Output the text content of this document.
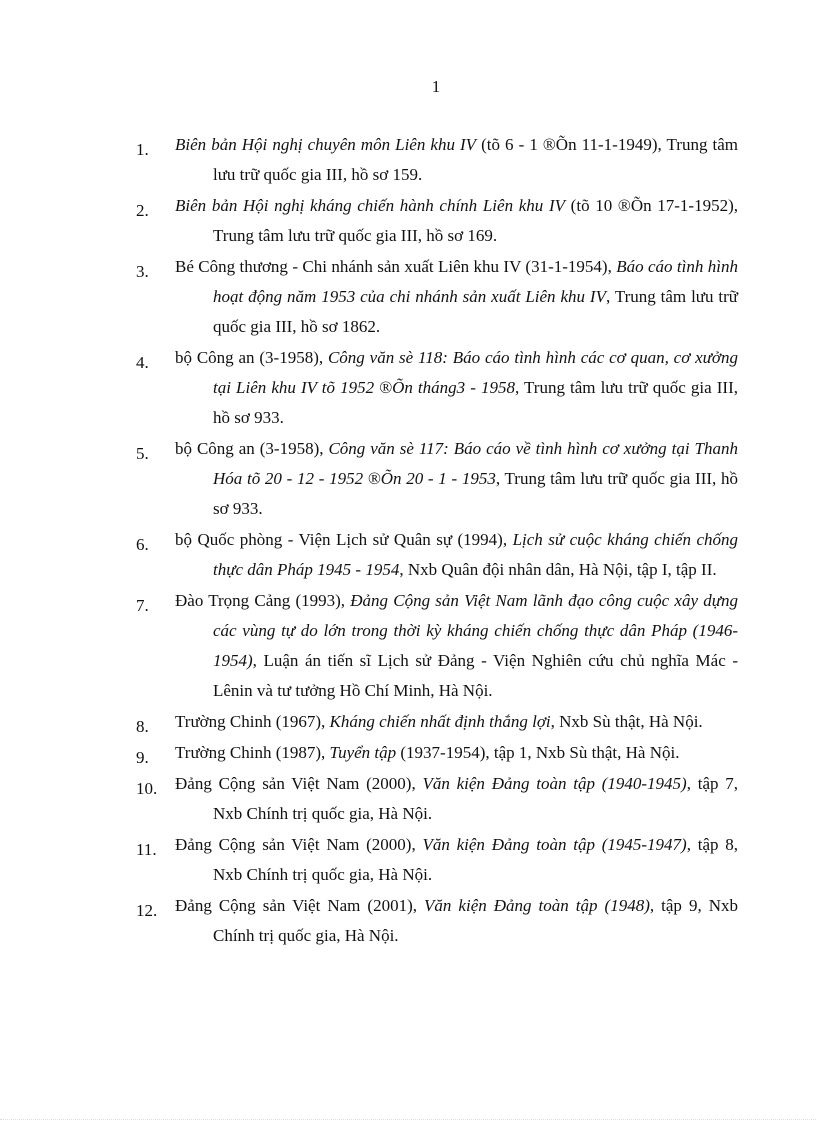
1
1. Biên bản Hội nghị chuyên môn Liên khu IV (tõ 6 - 1 ®Õn 11-1-1949), Trung tâm lưu trữ quốc gia III, hồ sơ 159.
2. Biên bản Hội nghị kháng chiến hành chính Liên khu IV (tõ 10 ®Õn 17-1-1952), Trung tâm lưu trữ quốc gia III, hồ sơ 169.
3. Bé Công thương - Chi nhánh sản xuất Liên khu IV (31-1-1954), Báo cáo tình hình hoạt động năm 1953 của chi nhánh sản xuất Liên khu IV, Trung tâm lưu trữ quốc gia III, hồ sơ 1862.
4. bộ Công an (3-1958), Công văn sè 118: Báo cáo tình hình các cơ quan, cơ xưởng tại Liên khu IV tõ 1952 ®Õn tháng3 - 1958, Trung tâm lưu trữ quốc gia III, hồ sơ 933.
5. bộ Công an (3-1958), Công văn sè 117: Báo cáo về tình hình cơ xưởng tại Thanh Hóa tõ 20 - 12 - 1952 ®Õn 20 - 1 - 1953, Trung tâm lưu trữ quốc gia III, hồ sơ 933.
6. bộ Quốc phòng - Viện Lịch sử Quân sự (1994), Lịch sử cuộc kháng chiến chống thực dân Pháp 1945 - 1954, Nxb Quân đội nhân dân, Hà Nội, tập I, tập II.
7. Đào Trọng Cảng (1993), Đảng Cộng sản Việt Nam lãnh đạo công cuộc xây dựng các vùng tự do lớn trong thời kỳ kháng chiến chống thực dân Pháp (1946-1954), Luận án tiến sĩ Lịch sử Đảng - Viện Nghiên cứu chủ nghĩa Mác - Lênin và tư tưởng Hồ Chí Minh, Hà Nội.
8. Trường Chinh (1967), Kháng chiến nhất định thắng lợi, Nxb Sù thật, Hà Nội.
9. Trường Chinh (1987), Tuyển tập (1937-1954), tập 1, Nxb Sù thật, Hà Nội.
10. Đảng Cộng sản Việt Nam (2000), Văn kiện Đảng toàn tập (1940-1945), tập 7, Nxb Chính trị quốc gia, Hà Nội.
11. Đảng Cộng sản Việt Nam (2000), Văn kiện Đảng toàn tập (1945-1947), tập 8, Nxb Chính trị quốc gia, Hà Nội.
12. Đảng Cộng sản Việt Nam (2001), Văn kiện Đảng toàn tập (1948), tập 9, Nxb Chính trị quốc gia, Hà Nội.
